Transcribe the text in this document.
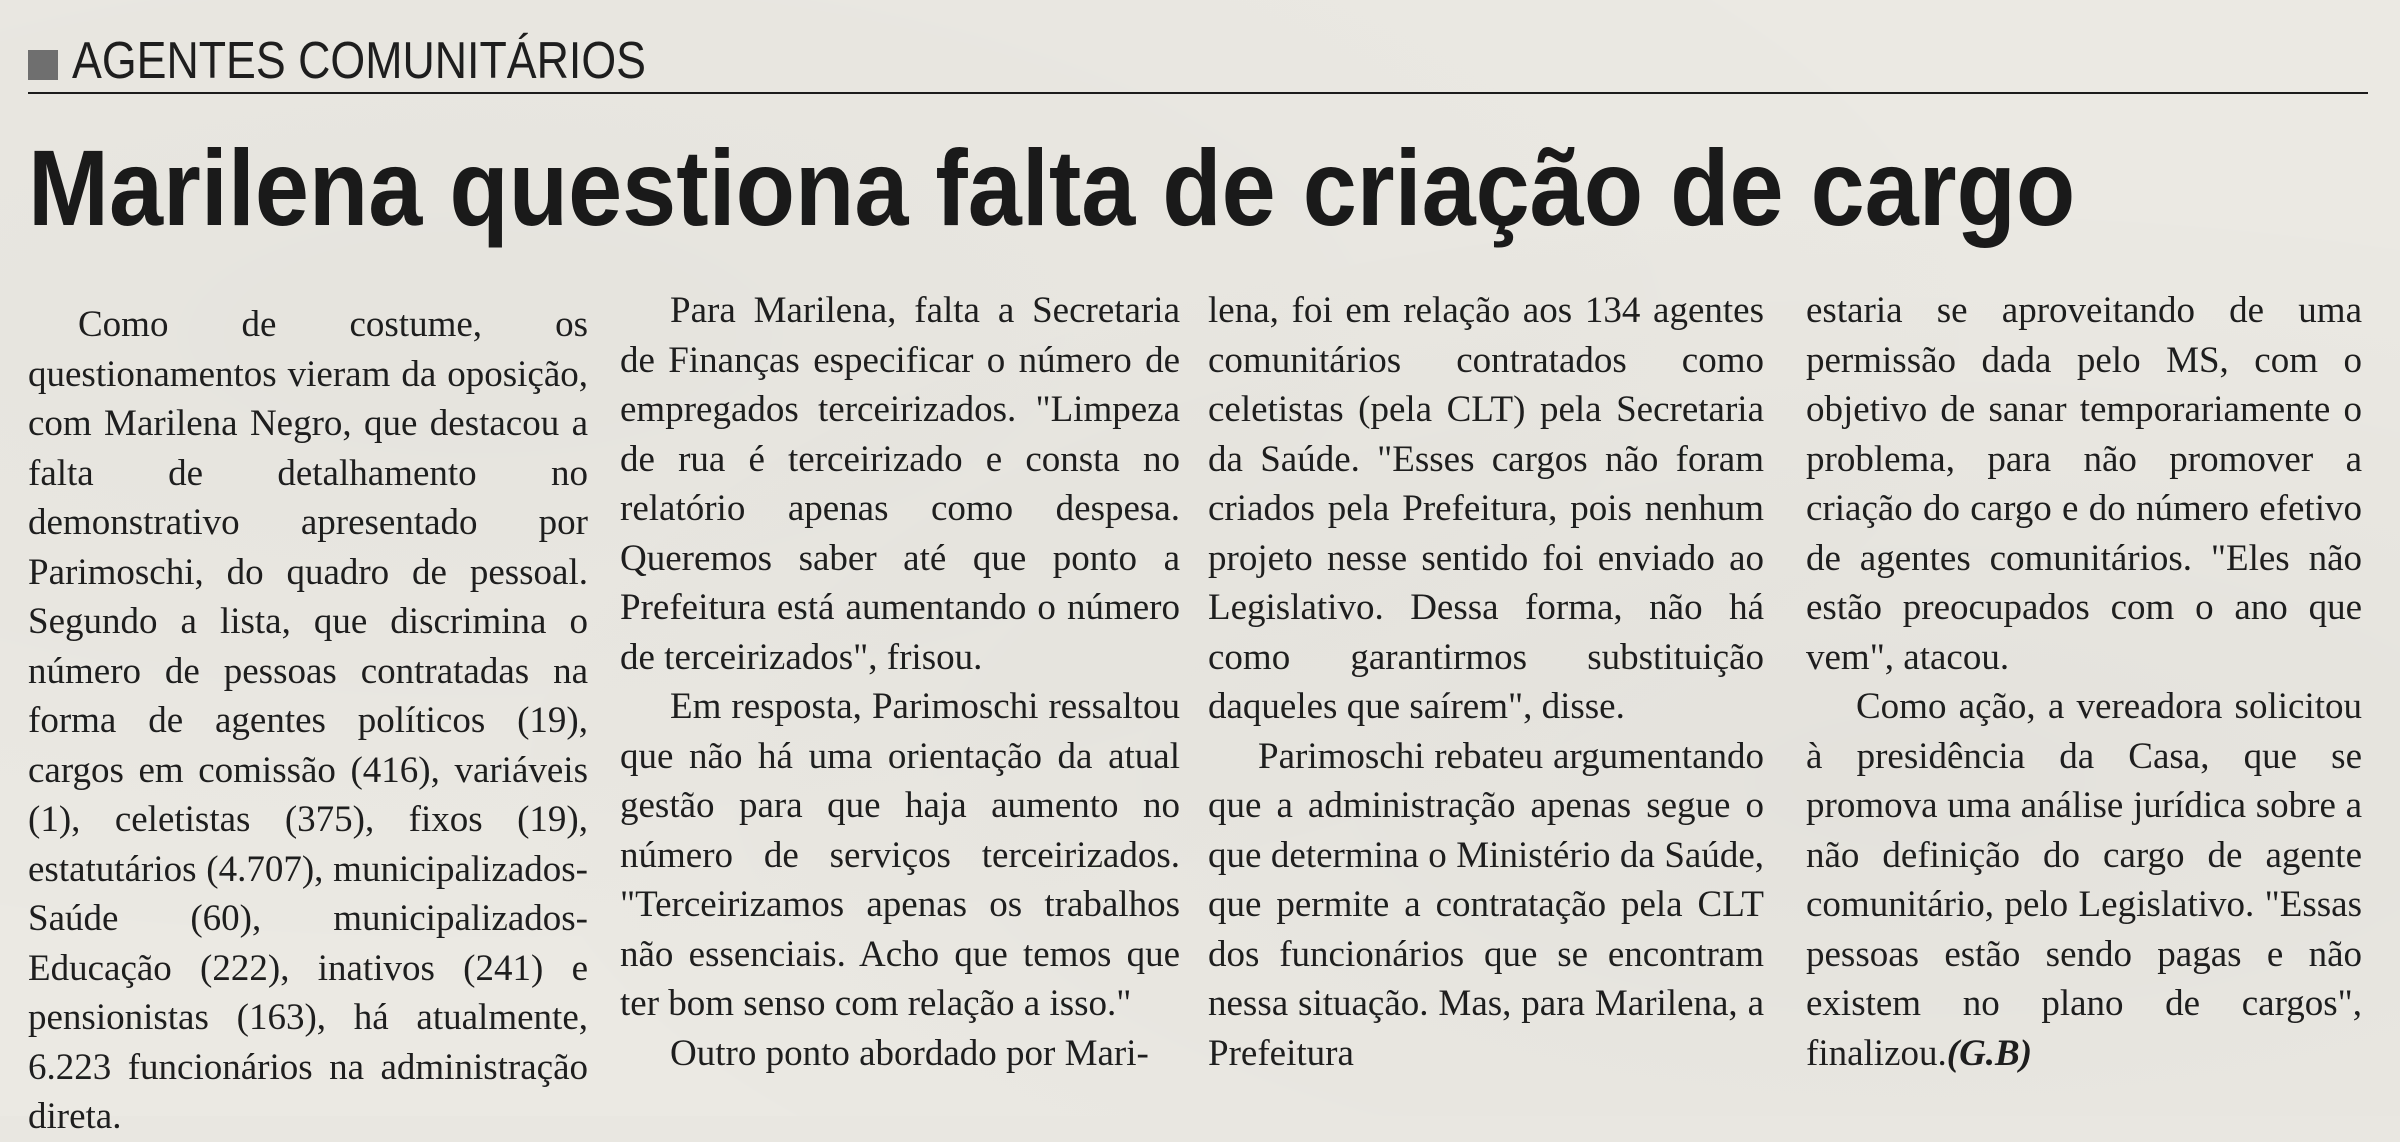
AGENTES COMUNITÁRIOS
Marilena questiona falta de criação de cargo

Como de costume, os questionamentos vieram da oposição, com Marilena Negro, que destacou a falta de detalhamento no demonstrativo apresentado por Parimoschi, do quadro de pessoal. Segundo a lista, que discrimina o número de pessoas contratadas na forma de agentes políticos (19), cargos em comissão (416), variáveis (1), celetistas (375), fixos (19), estatutários (4.707), municipalizados-Saúde (60), municipalizados-Educação (222), inativos (241) e pensionistas (163), há atualmente, 6.223 funcionários na administração direta.

Para Marilena, falta a Secretaria de Finanças especificar o número de empregados terceirizados. "Limpeza de rua é terceirizado e consta no relatório apenas como despesa. Queremos saber até que ponto a Prefeitura está aumentando o número de terceirizados", frisou.

Em resposta, Parimoschi ressaltou que não há uma orientação da atual gestão para que haja aumento no número de serviços terceirizados. "Terceirizamos apenas os trabalhos não essenciais. Acho que temos que ter bom senso com relação a isso."

Outro ponto abordado por Mari-

lena, foi em relação aos 134 agentes comunitários contratados como celetistas (pela CLT) pela Secretaria da Saúde. "Esses cargos não foram criados pela Prefeitura, pois nenhum projeto nesse sentido foi enviado ao Legislativo. Dessa forma, não há como garantirmos substituição daqueles que saírem", disse.

Parimoschi rebateu argumentando que a administração apenas segue o que determina o Ministério da Saúde, que permite a contratação pela CLT dos funcionários que se encontram nessa situação. Mas, para Marilena, a Prefeitura

estaria se aproveitando de uma permissão dada pelo MS, com o objetivo de sanar temporariamente o problema, para não promover a criação do cargo e do número efetivo de agentes comunitários. "Eles não estão preocupados com o ano que vem", atacou.

Como ação, a vereadora solicitou à presidência da Casa, que se promova uma análise jurídica sobre a não definição do cargo de agente comunitário, pelo Legislativo. "Essas pessoas estão sendo pagas e não existem no plano de cargos", finalizou.(G.B)
